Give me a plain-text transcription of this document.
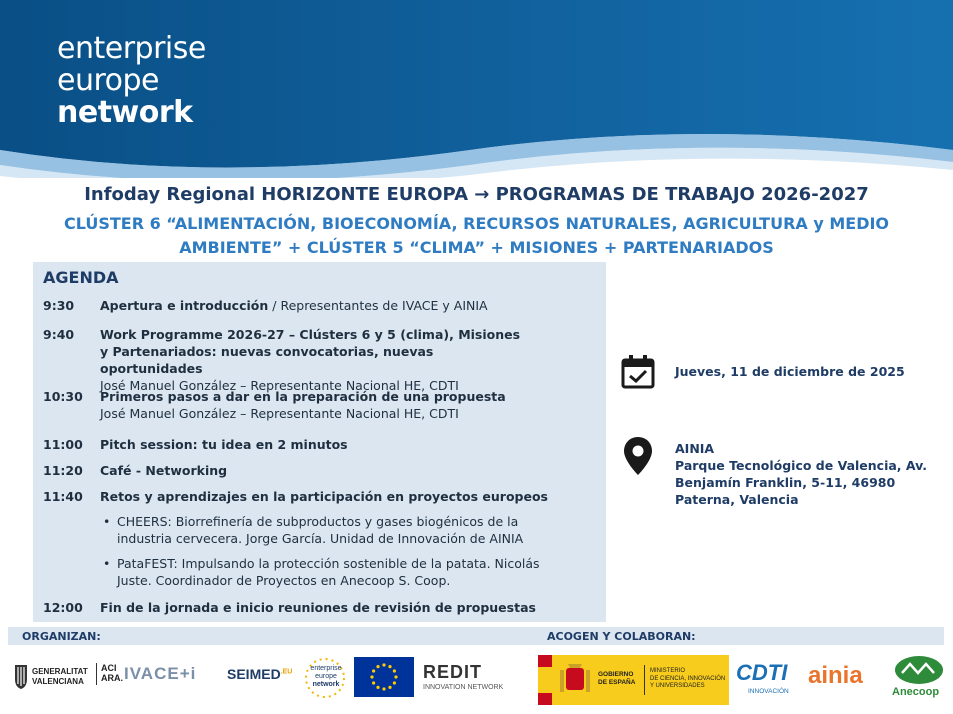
enterprise
europe
network
Infoday Regional HORIZONTE EUROPA → PROGRAMAS DE TRABAJO 2026-2027
CLÚSTER 6 “ALIMENTACIÓN, BIOECONOMÍA, RECURSOS NATURALES, AGRICULTURA y MEDIO AMBIENTE” + CLÚSTER 5 “CLIMA” + MISIONES + PARTENARIADOS
AGENDA
9:30	Apertura e introducción / Representantes de IVACE y AINIA
9:40	Work Programme 2026-27 – Clústers 6 y 5 (clima), Misiones y Partenariados: nuevas convocatorias, nuevas oportunidades
José Manuel González – Representante Nacional HE, CDTI
10:30	Primeros pasos a dar en la preparación de una propuesta
José Manuel González – Representante Nacional HE, CDTI
11:00	Pitch session: tu idea en 2 minutos
11:20	Café - Networking
11:40	Retos y aprendizajes en la participación en proyectos europeos
• CHEERS: Biorrefinería de subproductos y gases biogénicos de la industria cervecera. Jorge García. Unidad de Innovación de AINIA
• PataFEST: Impulsando la protección sostenible de la patata. Nicolás Juste. Coordinador de Proyectos en Anecoop S. Coop.
12:00	Fin de la jornada e inicio reuniones de revisión de propuestas
Jueves, 11 de diciembre de 2025
AINIA
Parque Tecnológico de Valencia, Av.
Benjamín Franklin, 5-11, 46980
Paterna, Valencia
ORGANIZAN:	ACOGEN Y COLABORAN:
GENERALITAT
VALENCIANA
ACI
ARA. IVACE+i $SEIMED^{.EU}$	enterprise
europe
network
REDIT
INNOVATION NETWORK
GOBIERNO
DE ESPAÑA
MINISTERIO
DE CIENCIA, INNOVACIÓN
Y UNIVERSIDADES
CDTI
INNOVACIÓN
ainia
Anecoop
